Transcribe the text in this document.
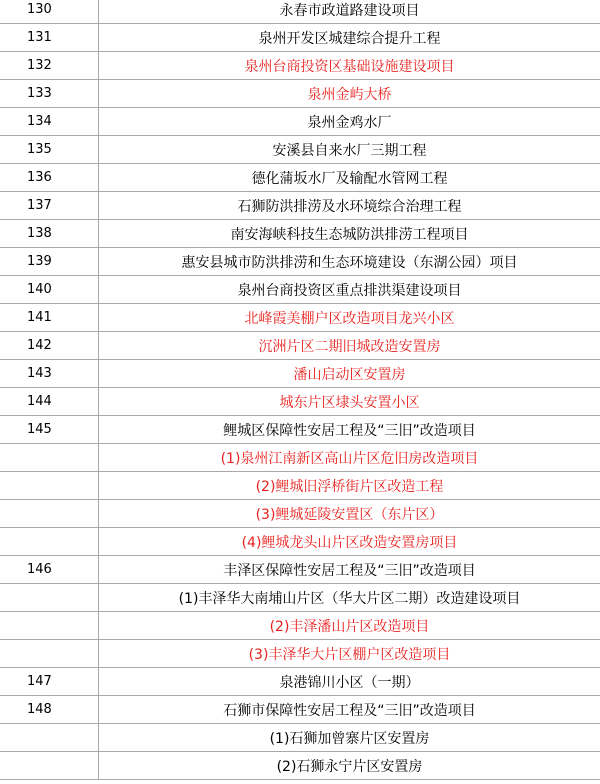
130	永春市政道路建设项目
131	泉州开发区城建综合提升工程
132	泉州台商投资区基础设施建设项目
133	泉州金屿大桥
134	泉州金鸡水厂
135	安溪县自来水厂三期工程
136	德化蒲坂水厂及输配水管网工程
137	石狮防洪排涝及水环境综合治理工程
138	南安海峡科技生态城防洪排涝工程项目
139	惠安县城市防洪排涝和生态环境建设（东湖公园）项目
140	泉州台商投资区重点排洪渠建设项目
141	北峰霞美棚户区改造项目龙兴小区
142	沉洲片区二期旧城改造安置房
143	潘山启动区安置房
144	城东片区埭头安置小区
145	鲤城区保障性安居工程及“三旧”改造项目
	(1)泉州江南新区高山片区危旧房改造项目
	(2)鲤城旧浮桥街片区改造工程
	(3)鲤城延陵安置区（东片区）
	(4)鲤城龙头山片区改造安置房项目
146	丰泽区保障性安居工程及“三旧”改造项目
	(1)丰泽华大南埔山片区（华大片区二期）改造建设项目
	(2)丰泽潘山片区改造项目
	(3)丰泽华大片区棚户区改造项目
147	泉港锦川小区（一期）
148	石狮市保障性安居工程及“三旧”改造项目
	(1)石狮加曾寨片区安置房
	(2)石狮永宁片区安置房
